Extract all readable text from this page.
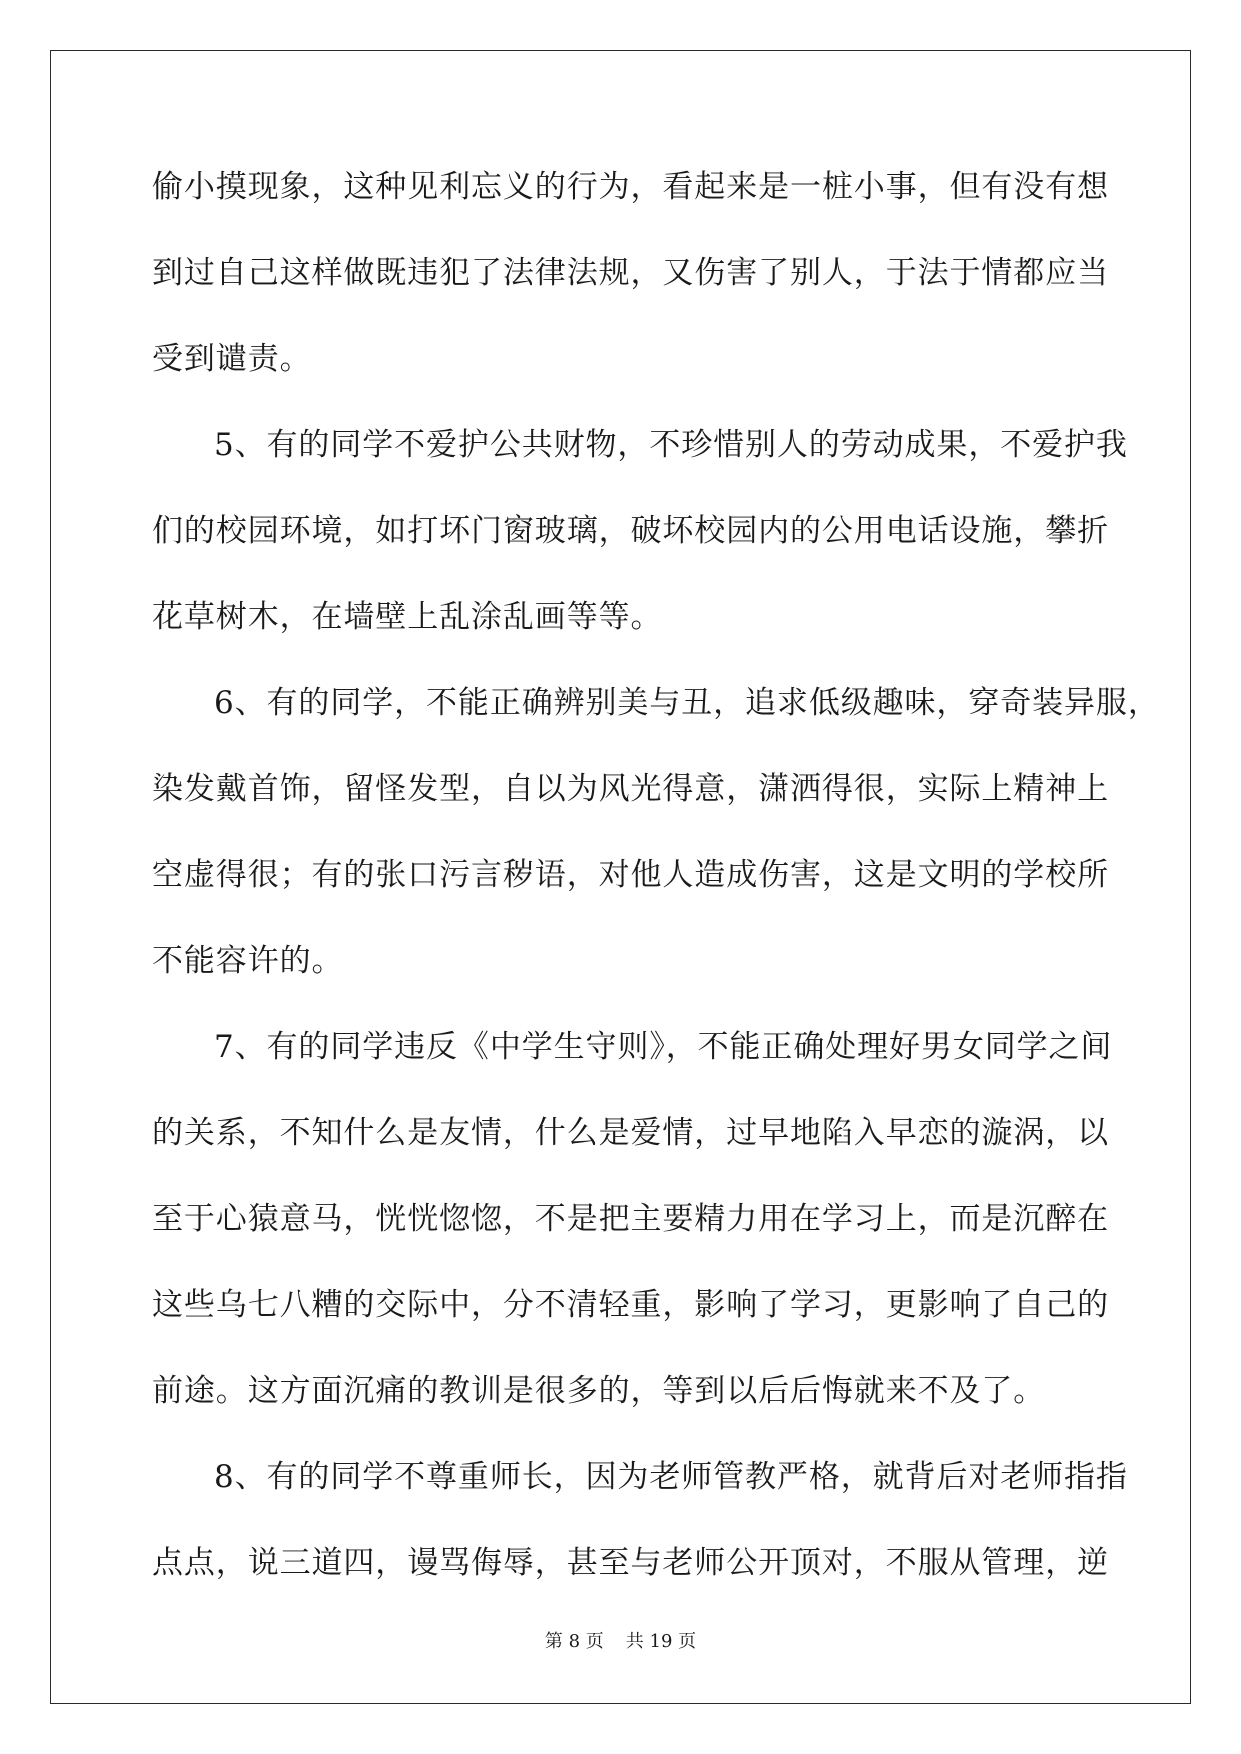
偷小摸现象，这种见利忘义的行为，看起来是一桩小事，但有没有想
到过自己这样做既违犯了法律法规，又伤害了别人，于法于情都应当
受到谴责。
5、有的同学不爱护公共财物，不珍惜别人的劳动成果，不爱护我
们的校园环境，如打坏门窗玻璃，破坏校园内的公用电话设施，攀折
花草树木，在墙壁上乱涂乱画等等。
6、有的同学，不能正确辨别美与丑，追求低级趣味，穿奇装异服，
染发戴首饰，留怪发型，自以为风光得意，潇洒得很，实际上精神上
空虚得很；有的张口污言秽语，对他人造成伤害，这是文明的学校所
不能容许的。
7、有的同学违反《中学生守则》，不能正确处理好男女同学之间
的关系，不知什么是友情，什么是爱情，过早地陷入早恋的漩涡，以
至于心猿意马，恍恍惚惚，不是把主要精力用在学习上，而是沉醉在
这些乌七八糟的交际中，分不清轻重，影响了学习，更影响了自己的
前途。这方面沉痛的教训是很多的，等到以后后悔就来不及了。
8、有的同学不尊重师长，因为老师管教严格，就背后对老师指指
点点，说三道四，谩骂侮辱，甚至与老师公开顶对，不服从管理，逆
第 8 页 共 19 页
